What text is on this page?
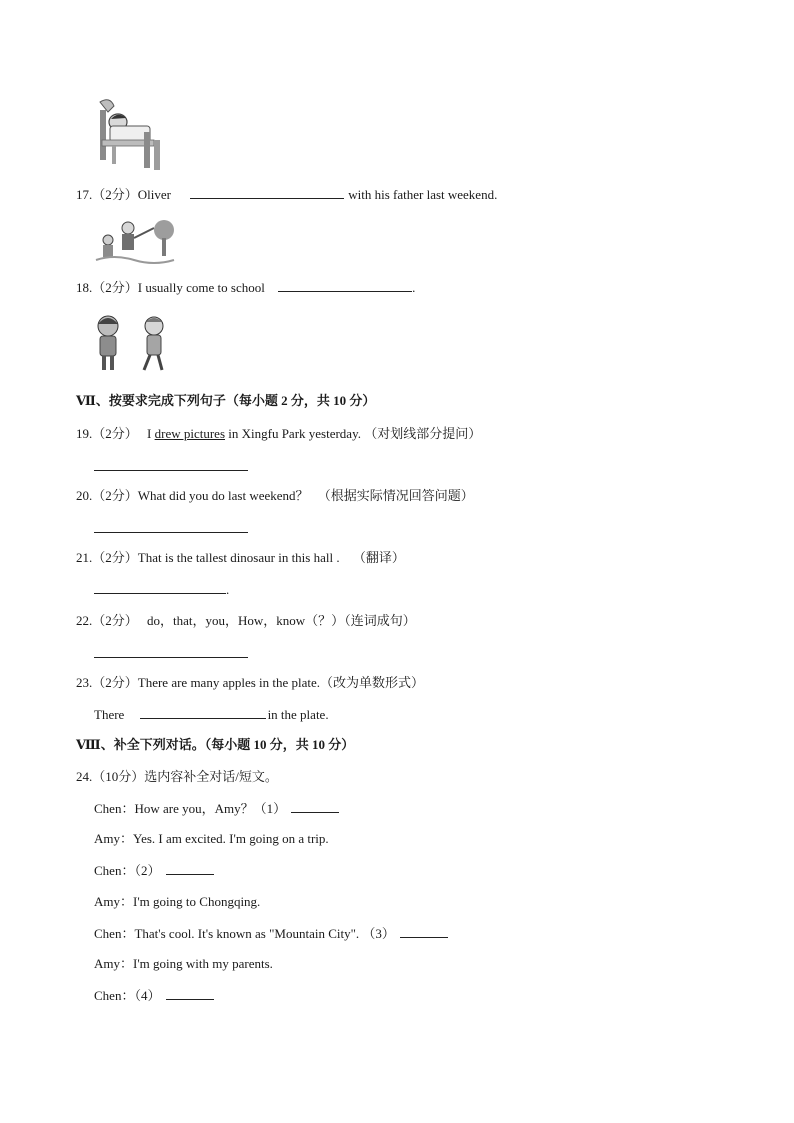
17.（2分）Oliver	with his father last weekend.
18.（2分）I usually come to school	.
Ⅶ、按要求完成下列句子（每小题 2 分，共 10 分）
19.（2分） I drew pictures in Xingfu Park yesterday. （对划线部分提问）
20.（2分）What did you do last weekend？ （根据实际情况回答问题）
21.（2分）That is the tallest dinosaur in this hall . （翻译）
.
22.（2分） do，that，you，How，know（？）（连词成句）
23.（2分）There are many apples in the plate.（改为单数形式）
There	in the plate.
Ⅷ、补全下列对话。（每小题 10 分，共 10 分）
24.（10分）选内容补全对话/短文。
Chen：How are you，Amy？（1）
Amy：Yes. I am excited. I'm going on a trip.
Chen：（2）
Amy：I'm going to Chongqing.
Chen：That's cool. It's known as "Mountain City". （3）
Amy：I'm going with my parents.
Chen：（4）
